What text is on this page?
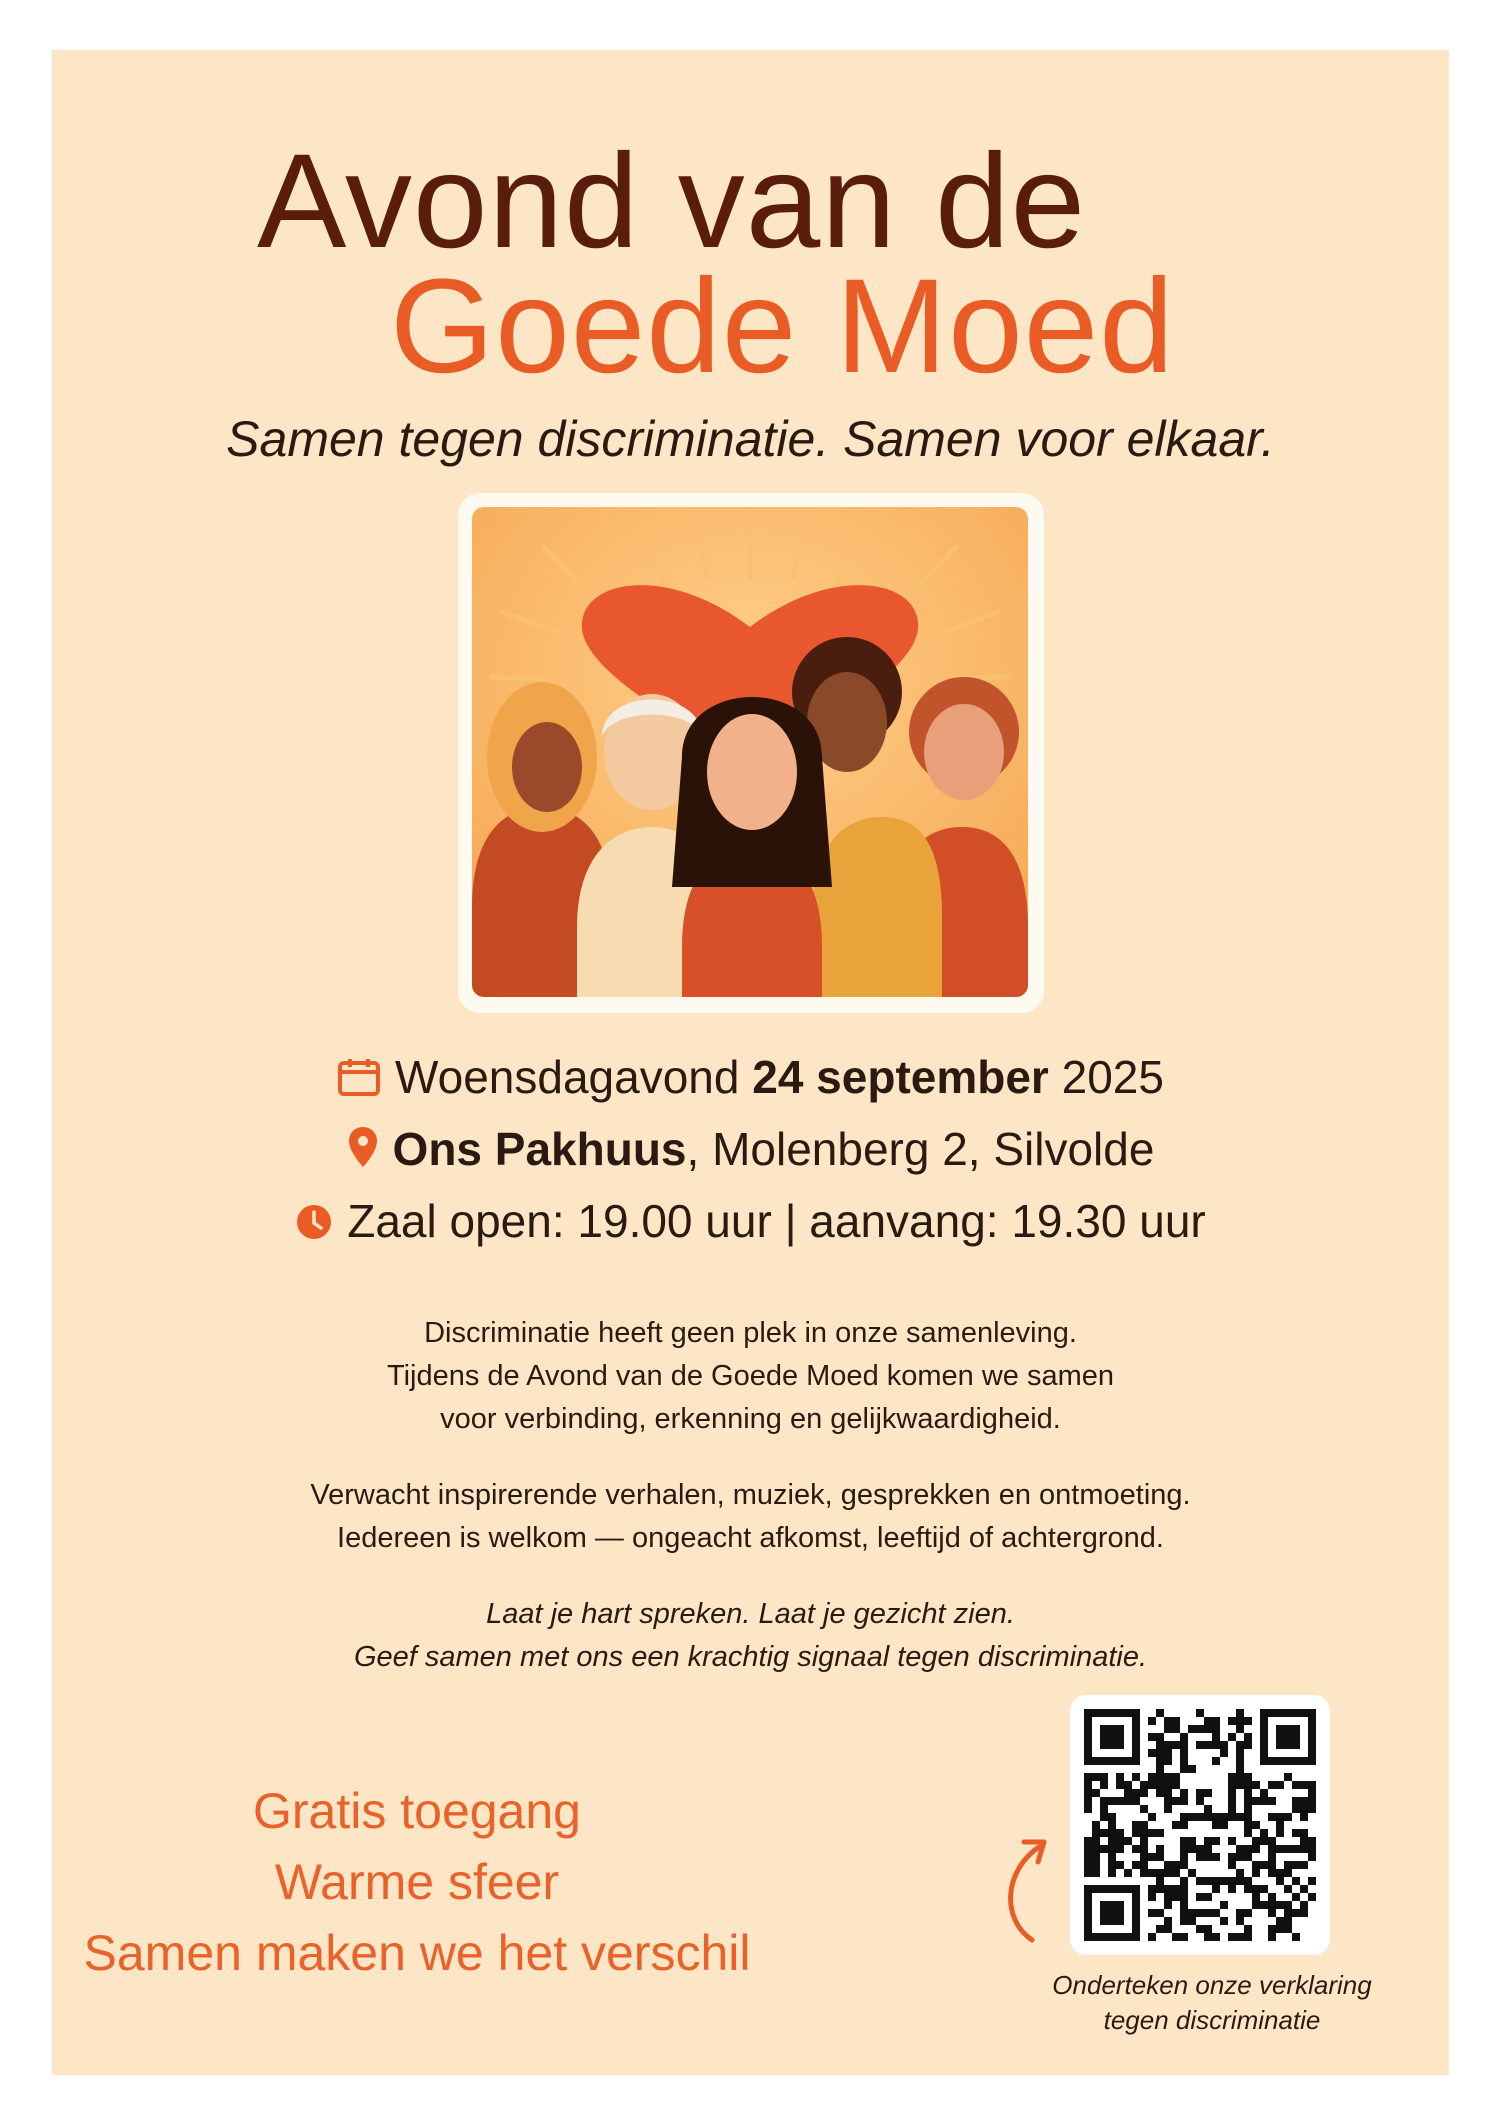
Avond van de
Goede Moed
Samen tegen discriminatie. Samen voor elkaar.
Woensdagavond 24 september 2025
Ons Pakhuus, Molenberg 2, Silvolde
Zaal open: 19.00 uur | aanvang: 19.30 uur
Discriminatie heeft geen plek in onze samenleving.
Tijdens de Avond van de Goede Moed komen we samen
voor verbinding, erkenning en gelijkwaardigheid.
Verwacht inspirerende verhalen, muziek, gesprekken en ontmoeting.
Iedereen is welkom — ongeacht afkomst, leeftijd of achtergrond.
Laat je hart spreken. Laat je gezicht zien.
Geef samen met ons een krachtig signaal tegen discriminatie.
Gratis toegang
Warme sfeer
Samen maken we het verschil
Onderteken onze verklaring
tegen discriminatie
